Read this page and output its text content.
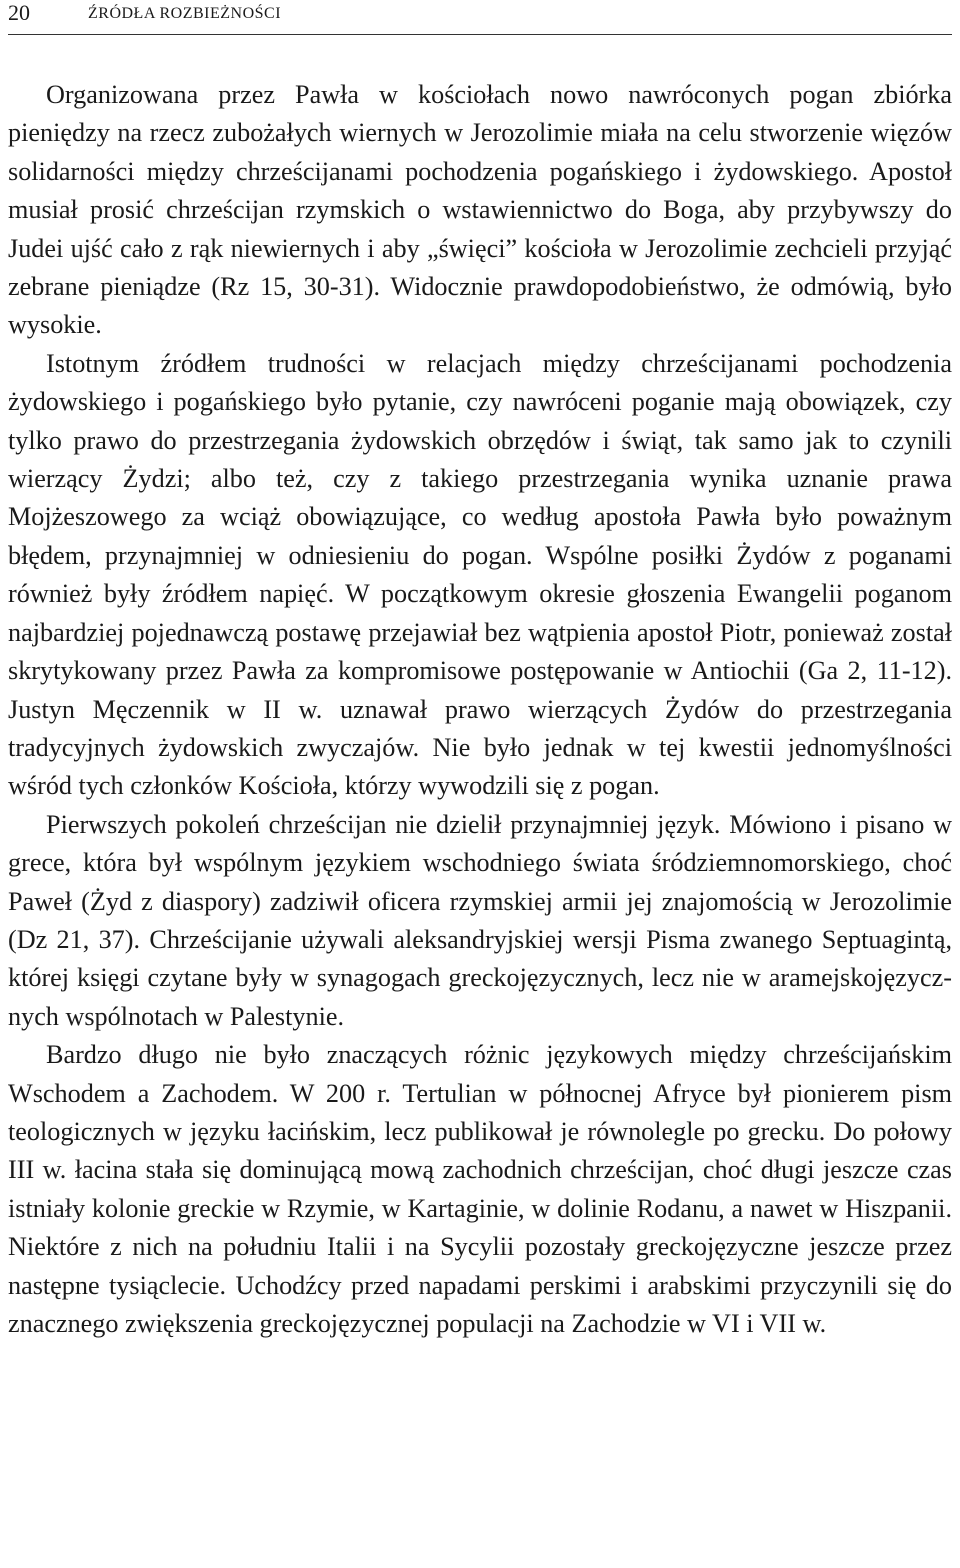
20	ŹRÓDŁA ROZBIEŻNOŚCI

Organizowana przez Pawła w kościołach nowo nawróconych pogan zbiórka pieniędzy na rzecz zubożałych wiernych w Jerozolimie miała na celu stworzenie więzów solidarności między chrześcijanami pochodzenia pogańskiego i żydowskiego. Apostoł musiał prosić chrześcijan rzymskich o wstawiennictwo do Boga, aby przybywszy do Judei ujść cało z rąk niewiernych i aby „święci” kościoła w Jerozolimie zechcieli przyjąć zebrane pieniądze (Rz 15, 30-31). Widocznie prawdopodobieństwo, że odmówią, było wysokie.

Istotnym źródłem trudności w relacjach między chrześcijanami pochodzenia żydowskiego i pogańskiego było pytanie, czy nawróceni poganie mają obowiązek, czy tylko prawo do przestrzegania żydowskich obrzędów i świąt, tak samo jak to czynili wierzący Żydzi; albo też, czy z takiego przestrzegania wynika uznanie prawa Mojżeszowego za wciąż obowiązujące, co według apostoła Pawła było poważnym błędem, przynajmniej w odniesieniu do pogan. Wspólne posiłki Żydów z poganami również były źródłem napięć. W początkowym okresie głoszenia Ewangelii poganom najbardziej pojednawczą postawę przejawiał bez wątpienia apostoł Piotr, ponieważ został skrytykowany przez Pawła za kompromisowe postępowanie w Antiochii (Ga 2, 11-12). Justyn Męczennik w II w. uznawał prawo wierzących Żydów do przestrzegania tradycyjnych żydowskich zwyczajów. Nie było jednak w tej kwestii jednomyślności wśród tych członków Kościoła, którzy wywodzili się z pogan.

Pierwszych pokoleń chrześcijan nie dzielił przynajmniej język. Mówiono i pisano w grece, która był wspólnym językiem wschodniego świata śródziemnomorskiego, choć Paweł (Żyd z diaspory) zadziwił oficera rzymskiej armii jej znajomością w Jerozolimie (Dz 21, 37). Chrześcijanie używali aleksandryjskiej wersji Pisma zwanego Septuagintą, której księgi czytane były w synagogach greckojęzycznych, lecz nie w aramejskojęzycznych wspólnotach w Palestynie.

Bardzo długo nie było znaczących różnic językowych między chrześcijańskim Wschodem a Zachodem. W 200 r. Tertulian w północnej Afryce był pionierem pism teologicznych w języku łacińskim, lecz publikował je równolegle po grecku. Do połowy III w. łacina stała się dominującą mową zachodnich chrześcijan, choć długi jeszcze czas istniały kolonie greckie w Rzymie, w Kartaginie, w dolinie Rodanu, a nawet w Hiszpanii. Niektóre z nich na południu Italii i na Sycylii pozostały greckojęzyczne jeszcze przez następne tysiąclecie. Uchodźcy przed napadami perskimi i arabskimi przyczynili się do znacznego zwiększenia greckojęzycznej populacji na Zachodzie w VI i VII w.
